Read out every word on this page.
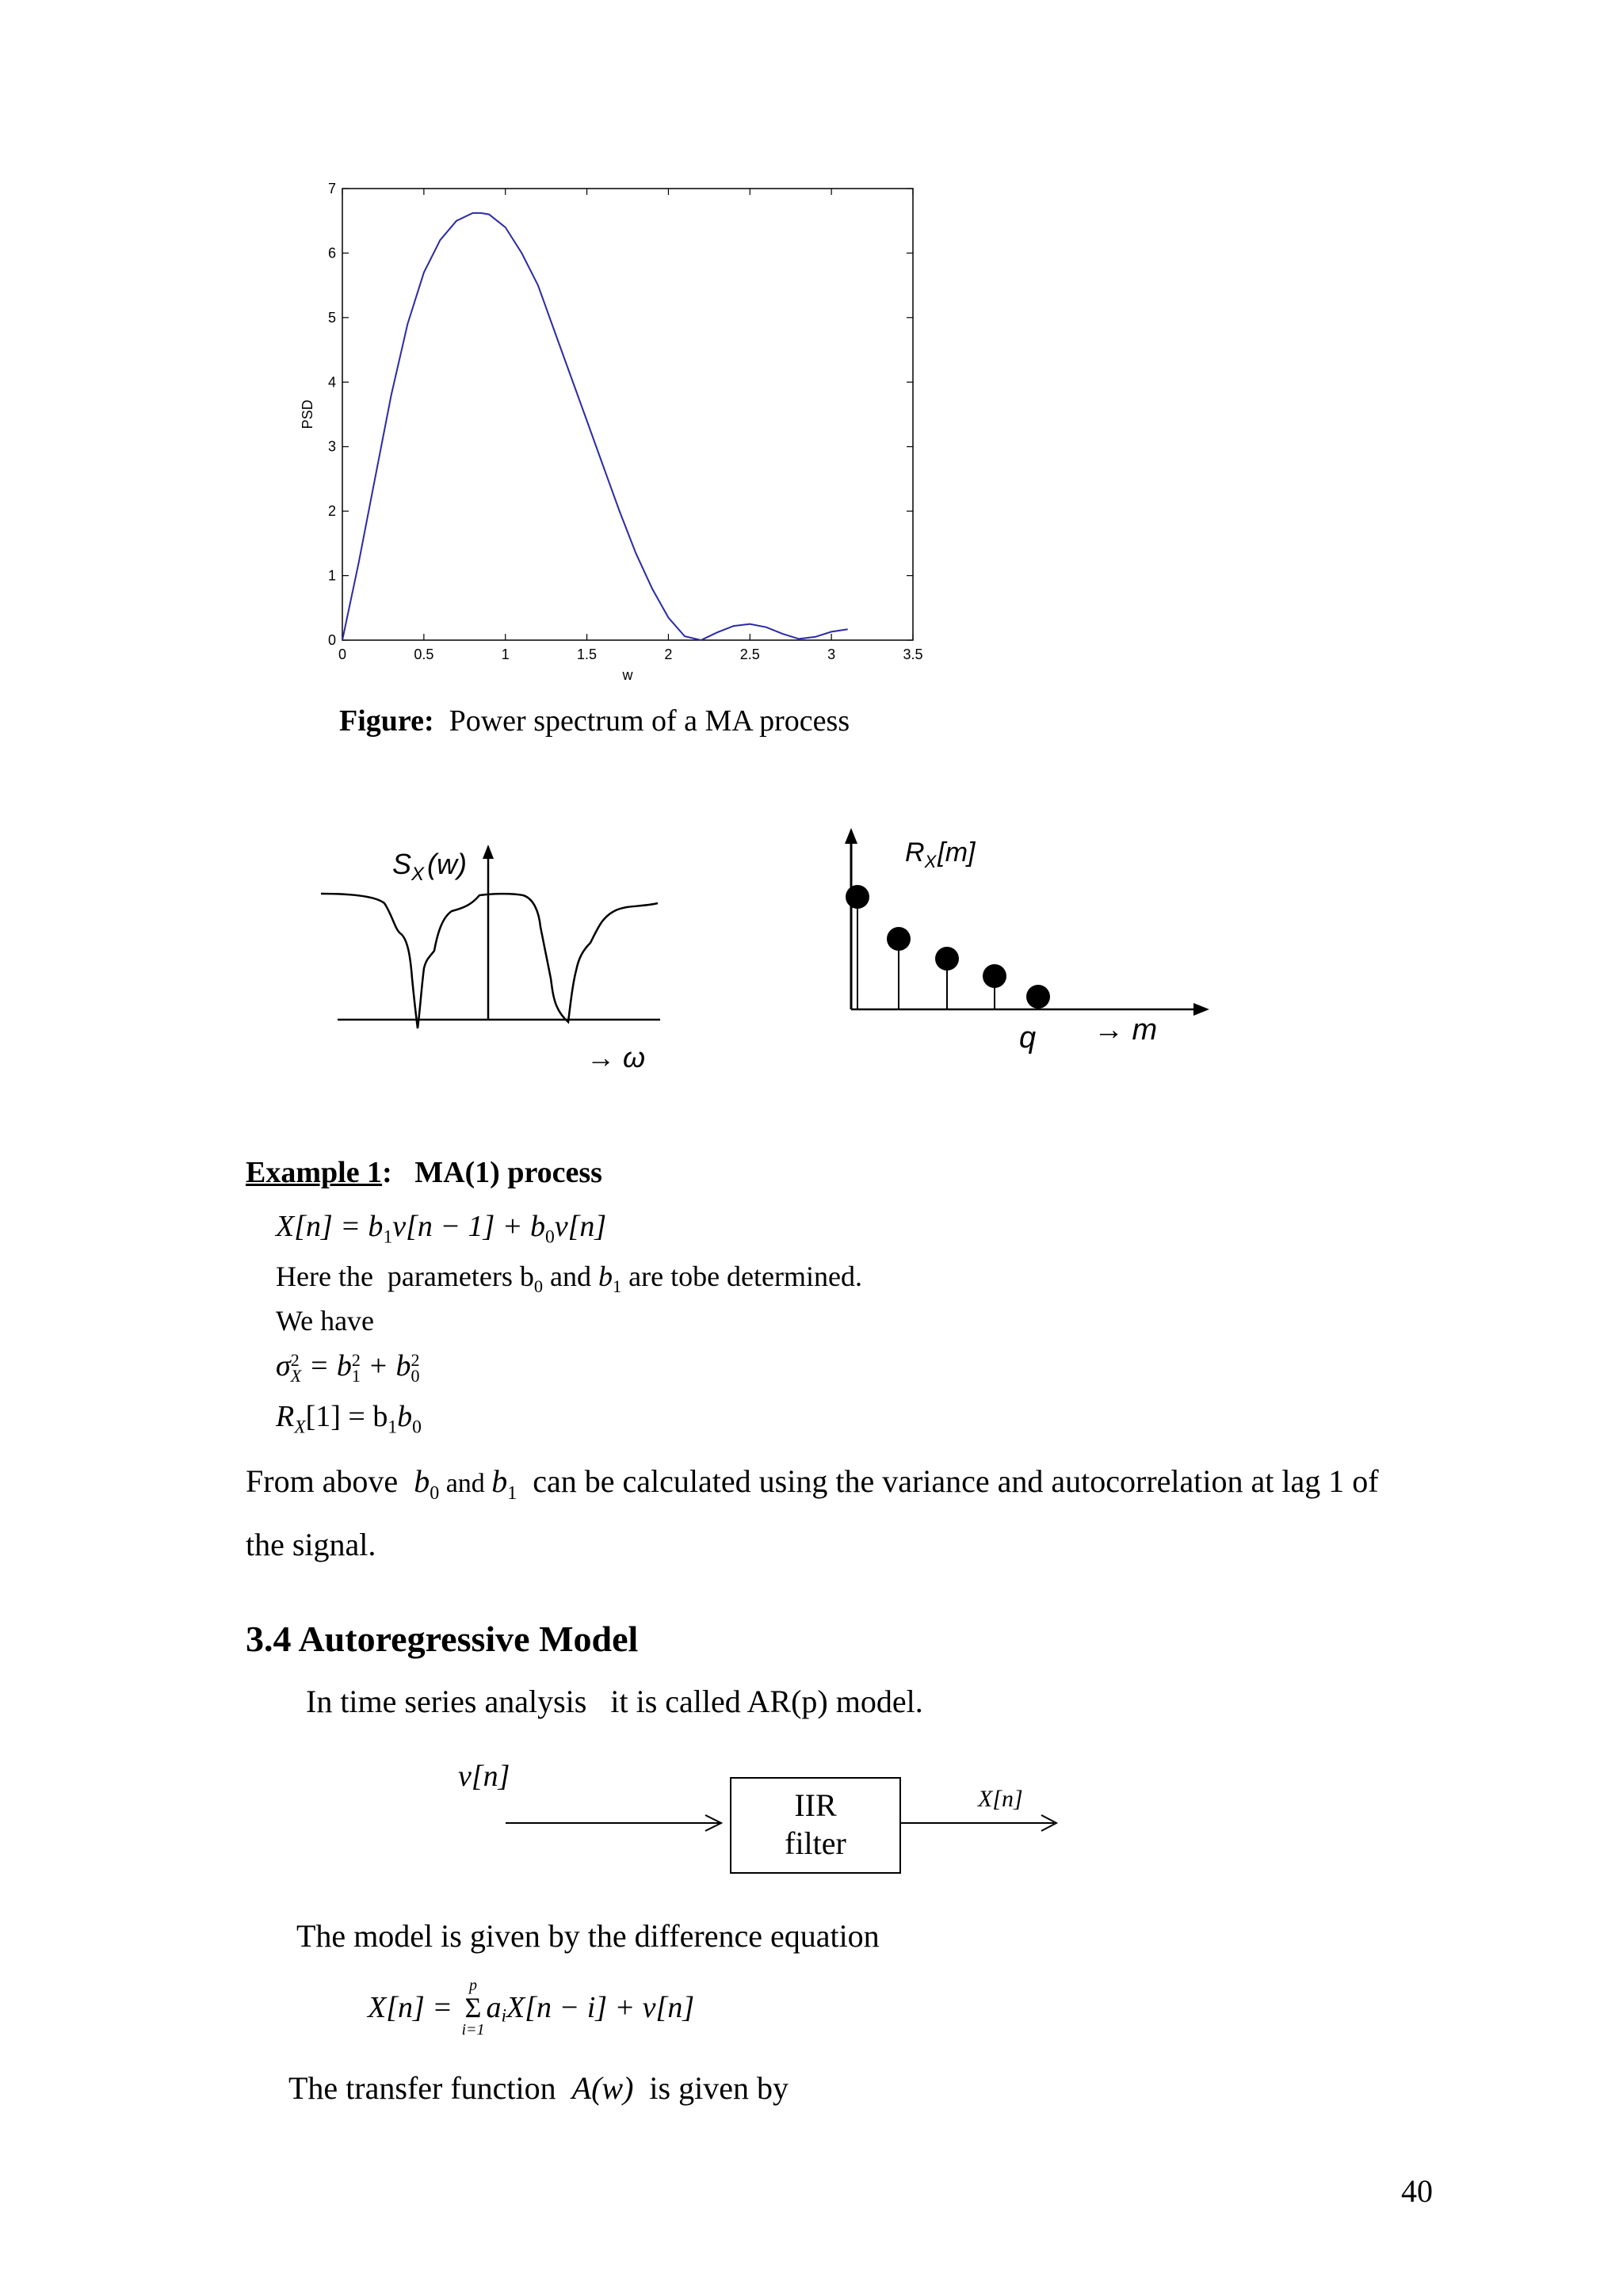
0	0.5	1	1.5	2	2.5	3	3.5
0
1
2
3
4
5
6
7
w
PSD
Figure: Power spectrum of a MA process
$S_X$ (w)
→ ω
$R_X[m]$
q → m
Example 1:   MA(1) process
$X[n] = b_1v[n - 1] + b_0v[n]$
Here the  parameters $b_0$ and $b_1$ are tobe determined.
We have
σ 2
X = b 2
1 + b 2
0
$R_X[1] = b_1b_0$
From above  $b_0$ and $b_1$  can be calculated using the variance and autocorrelation at lag 1 of
the signal.
3.4 Autoregressive Model
In time series analysis   it is called AR(p) model.
v[n]
IIR
filter
X[n]
The model is given by the difference equation
X[n] =
p
Σ
i=1
$a_iX[n - i] + v[n]$
The transfer function  A(w)  is given by
40
